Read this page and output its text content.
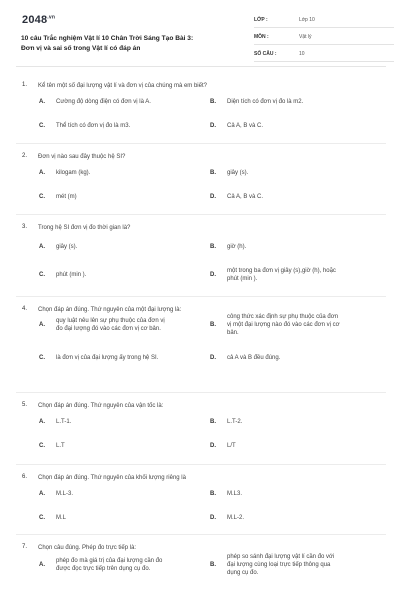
$2048^{.vn}$
10 câu Trắc nghiệm Vật lí 10 Chân Trời Sáng Tạo Bài 3:
Đơn vị và sai số trong Vật lí có đáp án
LỚP :	Lớp 10
MÔN :	Vật lý
SỐ CÂU :	10
1. Kể tên một số đại lượng vật lí và đơn vị của chúng mà em biết?
A. Cường độ dòng điện có đơn vị là A.	B. Diện tích có đơn vị đo là m2.
C. Thể tích có đơn vị đo là m3.	D. Cả A, B và C.
2. Đơn vị nào sau đây thuộc hệ SI?
A. kilogam (kg).	B. giây (s).
C. mét (m)	D. Cả A, B và C.
3. Trong hệ SI đơn vị đo thời gian là?
A. giây (s).	B. giờ (h).
C. phút (min ).	D.
một trong ba đơn vị giây (s),giờ (h), hoặc
phút (min ).
4. Chọn đáp án đúng. Thứ nguyên của một đại lượng là:
A.
quy luật nêu lên sự phụ thuộc của đơn vị
đo đại lượng đó vào các đơn vị cơ bản.
B.
công thức xác định sự phụ thuộc của đơn
vị một đại lượng nào đó vào các đơn vị cơ
bản.
C. là đơn vị của đại lượng ấy trong hệ SI.	D. cả A và B đều đúng.
5. Chọn đáp án đúng. Thứ nguyên của vận tốc là:
A. L.T-1.	B. L.T-2.
C. L.T	D. L/T
6. Chọn đáp án đúng. Thứ nguyên của khối lượng riêng là
A. M.L-3.	B. M.L3.
C. M.L	D. M.L-2.
7. Chọn câu đúng. Phép đo trực tiếp là:
A.
phép đo mà giá trị của đại lượng cần đo
được đọc trực tiếp trên dụng cụ đo.
B.
phép so sánh đại lượng vật lí cần đo với
đại lượng cùng loại trực tiếp thông qua
dụng cụ đo.
